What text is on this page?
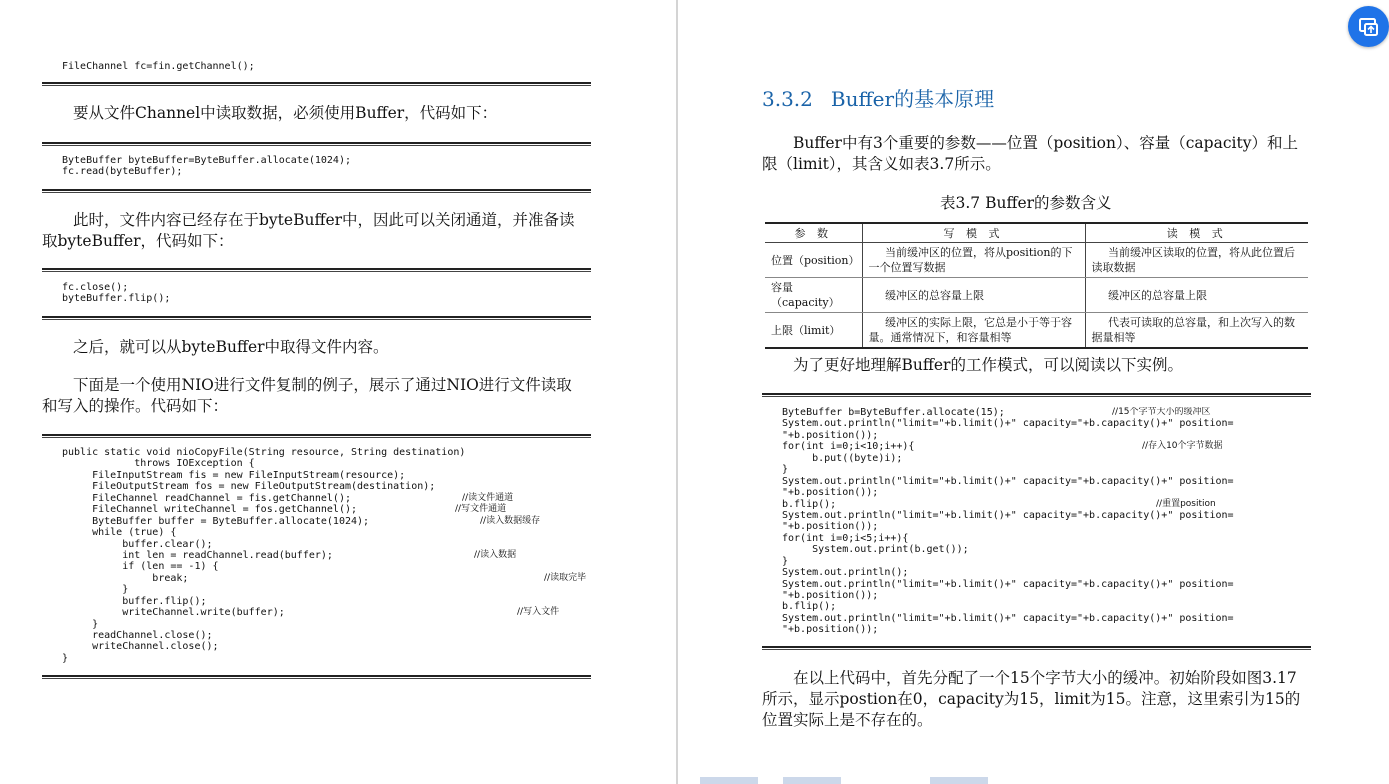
FileChannel fc=fin.getChannel();

要从文件Channel中读取数据，必须使用Buffer，代码如下：

ByteBuffer byteBuffer=ByteBuffer.allocate(1024);
fc.read(byteBuffer);

此时，文件内容已经存在于byteBuffer中，因此可以关闭通道，并准备读取byteBuffer，代码如下：

fc.close();
byteBuffer.flip();

之后，就可以从byteBuffer中取得文件内容。

下面是一个使用NIO进行文件复制的例子，展示了通过NIO进行文件读取和写入的操作。代码如下：

public static void nioCopyFile(String resource, String destination)
throws IOException {
FileInputStream fis = new FileInputStream(resource);
FileOutputStream fos = new FileOutputStream(destination);
FileChannel readChannel = fis.getChannel();	//读文件通道
FileChannel writeChannel = fos.getChannel();	//写文件通道
ByteBuffer buffer = ByteBuffer.allocate(1024);	//读入数据缓存
while (true) {
buffer.clear();
int len = readChannel.read(buffer);	//读入数据
if (len == -1) {
break;	//读取完毕
}
buffer.flip();
writeChannel.write(buffer);	//写入文件
}
readChannel.close();
writeChannel.close();
}
3.3.2 Buffer的基本原理

Buffer中有3个重要的参数——位置（position）、容量（capacity）和上限（limit），其含义如表3.7所示。

表3.7 Buffer的参数含义
参 数	写 模 式	读 模 式
位置（position）	当前缓冲区的位置，将从position的下一个位置写数据	当前缓冲区读取的位置，将从此位置后读取数据
容量（capacity）	缓冲区的总容量上限	缓冲区的总容量上限
上限（limit）	缓冲区的实际上限，它总是小于等于容量。通常情况下，和容量相等	代表可读取的总容量，和上次写入的数据量相等

为了更好地理解Buffer的工作模式，可以阅读以下实例。

ByteBuffer b=ByteBuffer.allocate(15);	//15个字节大小的缓冲区
System.out.println("limit="+b.limit()+" capacity="+b.capacity()+" position=
"+b.position());
for(int i=0;i<10;i++){	//存入10个字节数据
b.put((byte)i);
}
System.out.println("limit="+b.limit()+" capacity="+b.capacity()+" position=
"+b.position());
b.flip();	//重置position
System.out.println("limit="+b.limit()+" capacity="+b.capacity()+" position=
"+b.position());
for(int i=0;i<5;i++){
System.out.print(b.get());
}
System.out.println();
System.out.println("limit="+b.limit()+" capacity="+b.capacity()+" position=
"+b.position());
b.flip();
System.out.println("limit="+b.limit()+" capacity="+b.capacity()+" position=
"+b.position());

在以上代码中，首先分配了一个15个字节大小的缓冲。初始阶段如图3.17所示，显示postion在0，capacity为15，limit为15。注意，这里索引为15的位置实际上是不存在的。
